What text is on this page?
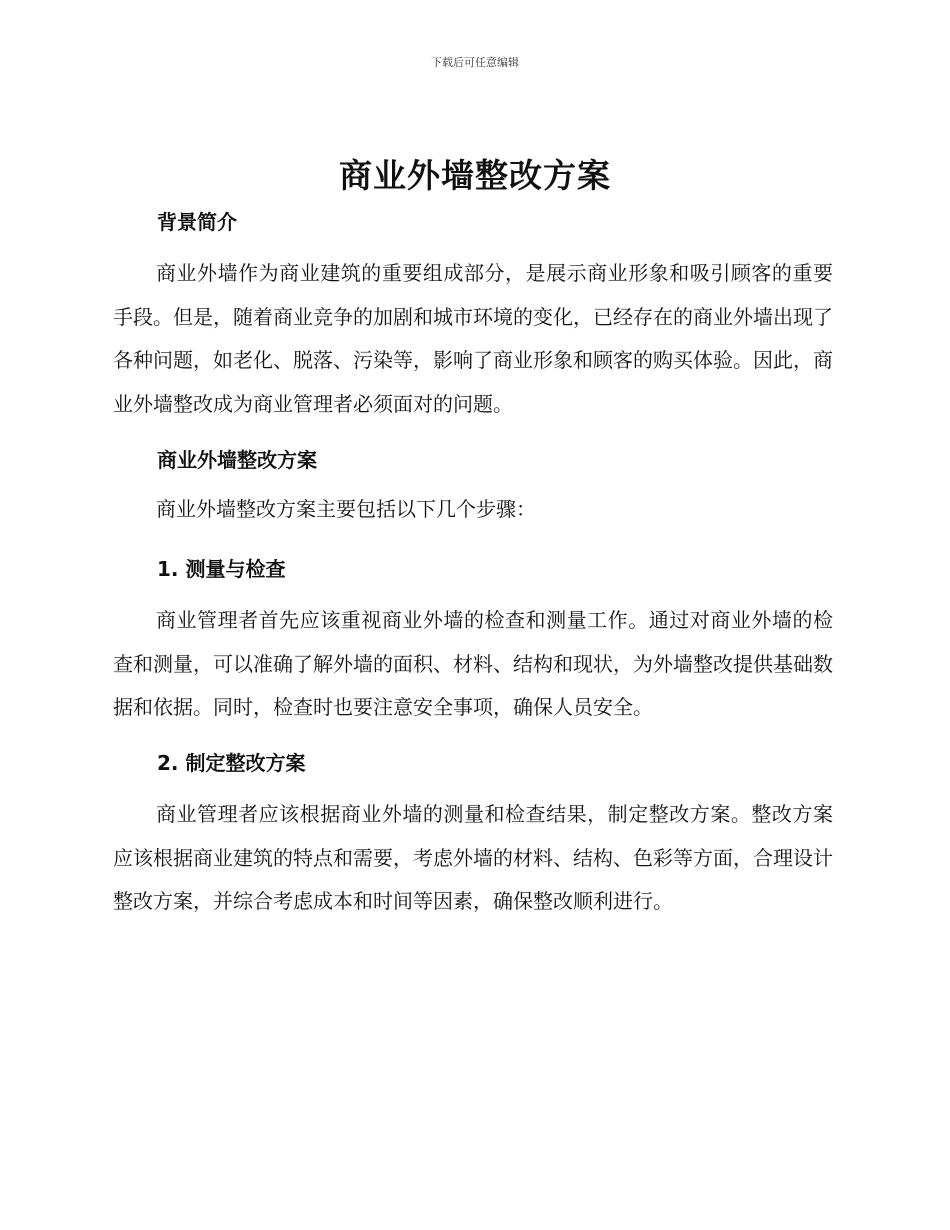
下载后可任意编辑
商业外墙整改方案
背景简介

商业外墙作为商业建筑的重要组成部分，是展示商业形象和吸引顾客的重要手段。但是，随着商业竞争的加剧和城市环境的变化，已经存在的商业外墙出现了各种问题，如老化、脱落、污染等，影响了商业形象和顾客的购买体验。因此，商业外墙整改成为商业管理者必须面对的问题。

商业外墙整改方案

商业外墙整改方案主要包括以下几个步骤：

1. 测量与检查

商业管理者首先应该重视商业外墙的检查和测量工作。通过对商业外墙的检查和测量，可以准确了解外墙的面积、材料、结构和现状，为外墙整改提供基础数据和依据。同时，检查时也要注意安全事项，确保人员安全。

2. 制定整改方案

商业管理者应该根据商业外墙的测量和检查结果，制定整改方案。整改方案应该根据商业建筑的特点和需要，考虑外墙的材料、结构、色彩等方面，合理设计整改方案，并综合考虑成本和时间等因素，确保整改顺利进行。
